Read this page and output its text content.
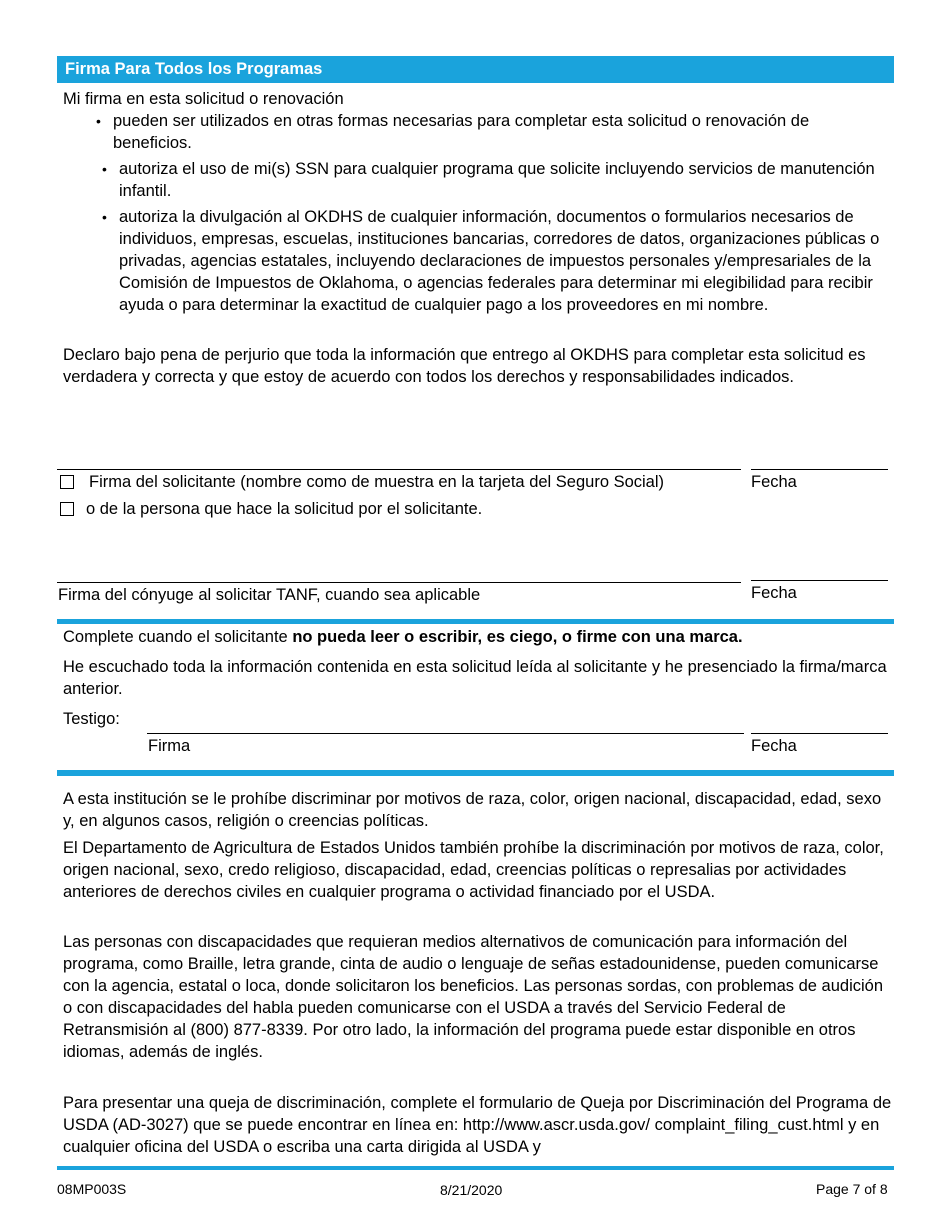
Firma Para Todos los Programas
Mi firma en esta solicitud o renovación
• pueden ser utilizados en otras formas necesarias para completar esta solicitud o renovación de beneficios.
• autoriza el uso de mi(s) SSN para cualquier programa que solicite incluyendo servicios de manutención infantil.
• autoriza la divulgación al OKDHS de cualquier información, documentos o formularios necesarios de individuos, empresas, escuelas, instituciones bancarias, corredores de datos, organizaciones públicas o privadas, agencias estatales, incluyendo declaraciones de impuestos personales y/empresariales de la Comisión de Impuestos de Oklahoma, o agencias federales para determinar mi elegibilidad para recibir ayuda o para determinar la exactitud de cualquier pago a los proveedores en mi nombre.

Declaro bajo pena de perjurio que toda la información que entrego al OKDHS para completar esta solicitud es verdadera y correcta y que estoy de acuerdo con todos los derechos y responsabilidades indicados.

Firma del solicitante (nombre como de muestra en la tarjeta del Seguro Social)	Fecha
o de la persona que hace la solicitud por el solicitante.
Firma del cónyuge al solicitar TANF, cuando sea aplicable	Fecha
Complete cuando el solicitante no pueda leer o escribir, es ciego, o firme con una marca.

He escuchado toda la información contenida en esta solicitud leída al solicitante y he presenciado la firma/marca anterior.

Testigo:
Firma	Fecha

A esta institución se le prohíbe discriminar por motivos de raza, color, origen nacional, discapacidad, edad, sexo y, en algunos casos, religión o creencias políticas.

El Departamento de Agricultura de Estados Unidos también prohíbe la discriminación por motivos de raza, color, origen nacional, sexo, credo religioso, discapacidad, edad, creencias políticas o represalias por actividades anteriores de derechos civiles en cualquier programa o actividad financiado por el USDA.

Las personas con discapacidades que requieran medios alternativos de comunicación para información del programa, como Braille, letra grande, cinta de audio o lenguaje de señas estadounidense, pueden comunicarse con la agencia, estatal o loca, donde solicitaron los beneficios. Las personas sordas, con problemas de audición o con discapacidades del habla pueden comunicarse con el USDA a través del Servicio Federal de Retransmisión al (800) 877-8339. Por otro lado, la información del programa puede estar disponible en otros idiomas, además de inglés.

Para presentar una queja de discriminación, complete el formulario de Queja por Discriminación del Programa de USDA (AD-3027) que se puede encontrar en línea en: http://www.ascr.usda.gov/ complaint_filing_cust.html y en cualquier oficina del USDA o escriba una carta dirigida al USDA y

08MP003S	8/21/2020	Page 7 of 8
